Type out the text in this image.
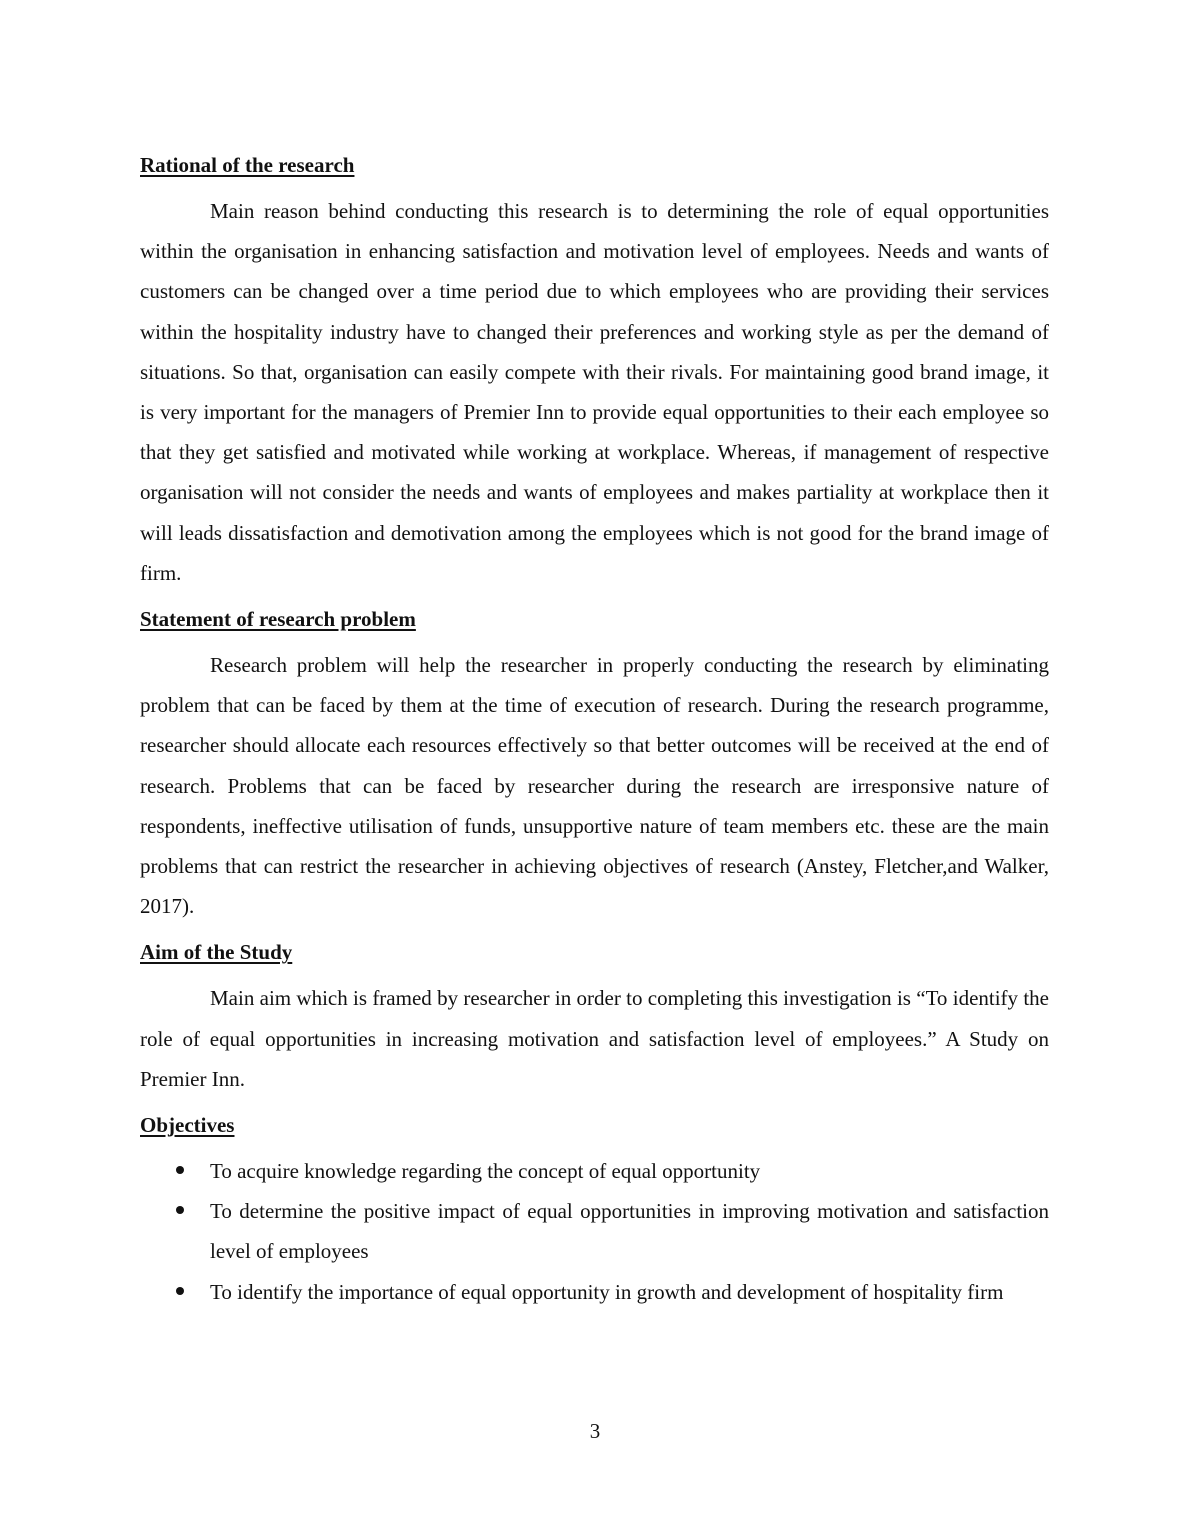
Rational of the research

Main reason behind conducting this research is to determining the role of equal opportunities within the organisation in enhancing satisfaction and motivation level of employees. Needs and wants of customers can be changed over a time period due to which employees who are providing their services within the hospitality industry have to changed their preferences and working style as per the demand of situations. So that, organisation can easily compete with their rivals. For maintaining good brand image, it is very important for the managers of Premier Inn to provide equal opportunities to their each employee so that they get satisfied and motivated while working at workplace. Whereas, if management of respective organisation will not consider the needs and wants of employees and makes partiality at workplace then it will leads dissatisfaction and demotivation among the employees which is not good for the brand image of firm.

Statement of research problem

Research problem will help the researcher in properly conducting the research by eliminating problem that can be faced by them at the time of execution of research. During the research programme, researcher should allocate each resources effectively so that better outcomes will be received at the end of research. Problems that can be faced by researcher during the research are irresponsive nature of respondents, ineffective utilisation of funds, unsupportive nature of team members etc. these are the main problems that can restrict the researcher in achieving objectives of research (Anstey, Fletcher,and Walker, 2017).

Aim of the Study

Main aim which is framed by researcher in order to completing this investigation is “To identify the role of equal opportunities in increasing motivation and satisfaction level of employees.” A Study on Premier Inn.

Objectives
To acquire knowledge regarding the concept of equal opportunity
To determine the positive impact of equal opportunities in improving motivation and satisfaction level of employees
To identify the importance of equal opportunity in growth and development of hospitality firm
3
